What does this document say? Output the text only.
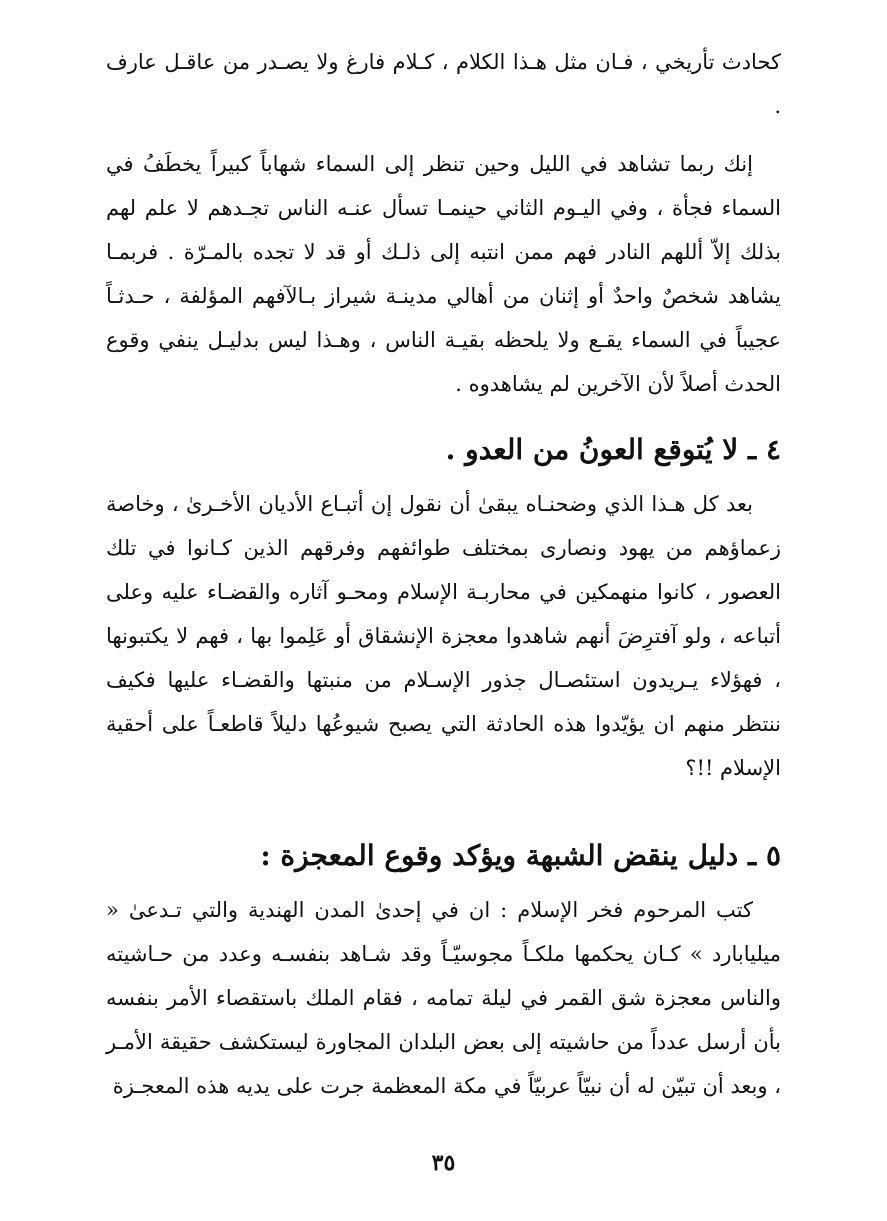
كحادث تأريخي ، فـان مثل هـذا الكلام ، كـلام فارغ ولا يصـدر من عاقـل عارف .

إنك ربما تشاهد في الليل وحين تنظر إلى السماء شهاباً كبيراً يخطَفُ في السماء فجأة ، وفي اليـوم الثاني حينمـا تسأل عنـه الناس تجـدهم لا علم لهم بذلك إلاّ أللهم النادر فهم ممن انتبه إلى ذلـك أو قد لا تجده بالمـرّة . فربمـا يشاهد شخصٌ واحدٌ أو إثنان من أهالي مدينـة شيراز بـالآفهم المؤلفة ، حـدثـاً عجيباً في السماء يقـع ولا يلحظه بقيـة الناس ، وهـذا ليس بدليـل ينفي وقوع الحدث أصلاً لأن الآخرين لم يشاهدوه .

٤ ـ لا يُتوقع العونُ من العدو .

بعد كل هـذا الذي وضحنـاه يبقىٰ أن نقول إن أتبـاع الأديان الأخـرىٰ ، وخاصة زعماؤهم من يهود ونصارى بمختلف طوائفهم وفرقهم الذين كـانوا في تلك العصور ، كانوا منهمكين في محاربـة الإسلام ومحـو آثاره والقضـاء عليه وعلى أتباعه ، ولو آفترِضَ أنهم شاهدوا معجزة الإنشقاق أو عَلِموا بها ، فهم لا يكتبونها ، فهؤلاء يـريدون استئصـال جذور الإسـلام من منبتها والقضـاء عليها فكيف ننتظر منهم ان يؤيّدوا هذه الحادثة التي يصبح شيوعُها دليلاً قاطعـاً على أحقية الإسلام !!؟

٥ ـ دليل ينقض الشبهة ويؤكد وقوع المعجزة :

كتب المرحوم فخر الإسلام : ان في إحدىٰ المدن الهندية والتي تـدعىٰ « ميليابارد » كـان يحكمها ملكـاً مجوسيّـاً وقد شـاهد بنفسـه وعدد من حـاشيته والناس معجزة شق القمر في ليلة تمامه ، فقام الملك باستقصاء الأمر بنفسه بأن أرسل عدداً من حاشيته إلى بعض البلدان المجاورة ليستكشف حقيقة الأمـر ، وبعد أن تبيّن له أن نبيّاً عربيّاً في مكة المعظمة جرت على يديه هذه المعجـزة

٣٥
